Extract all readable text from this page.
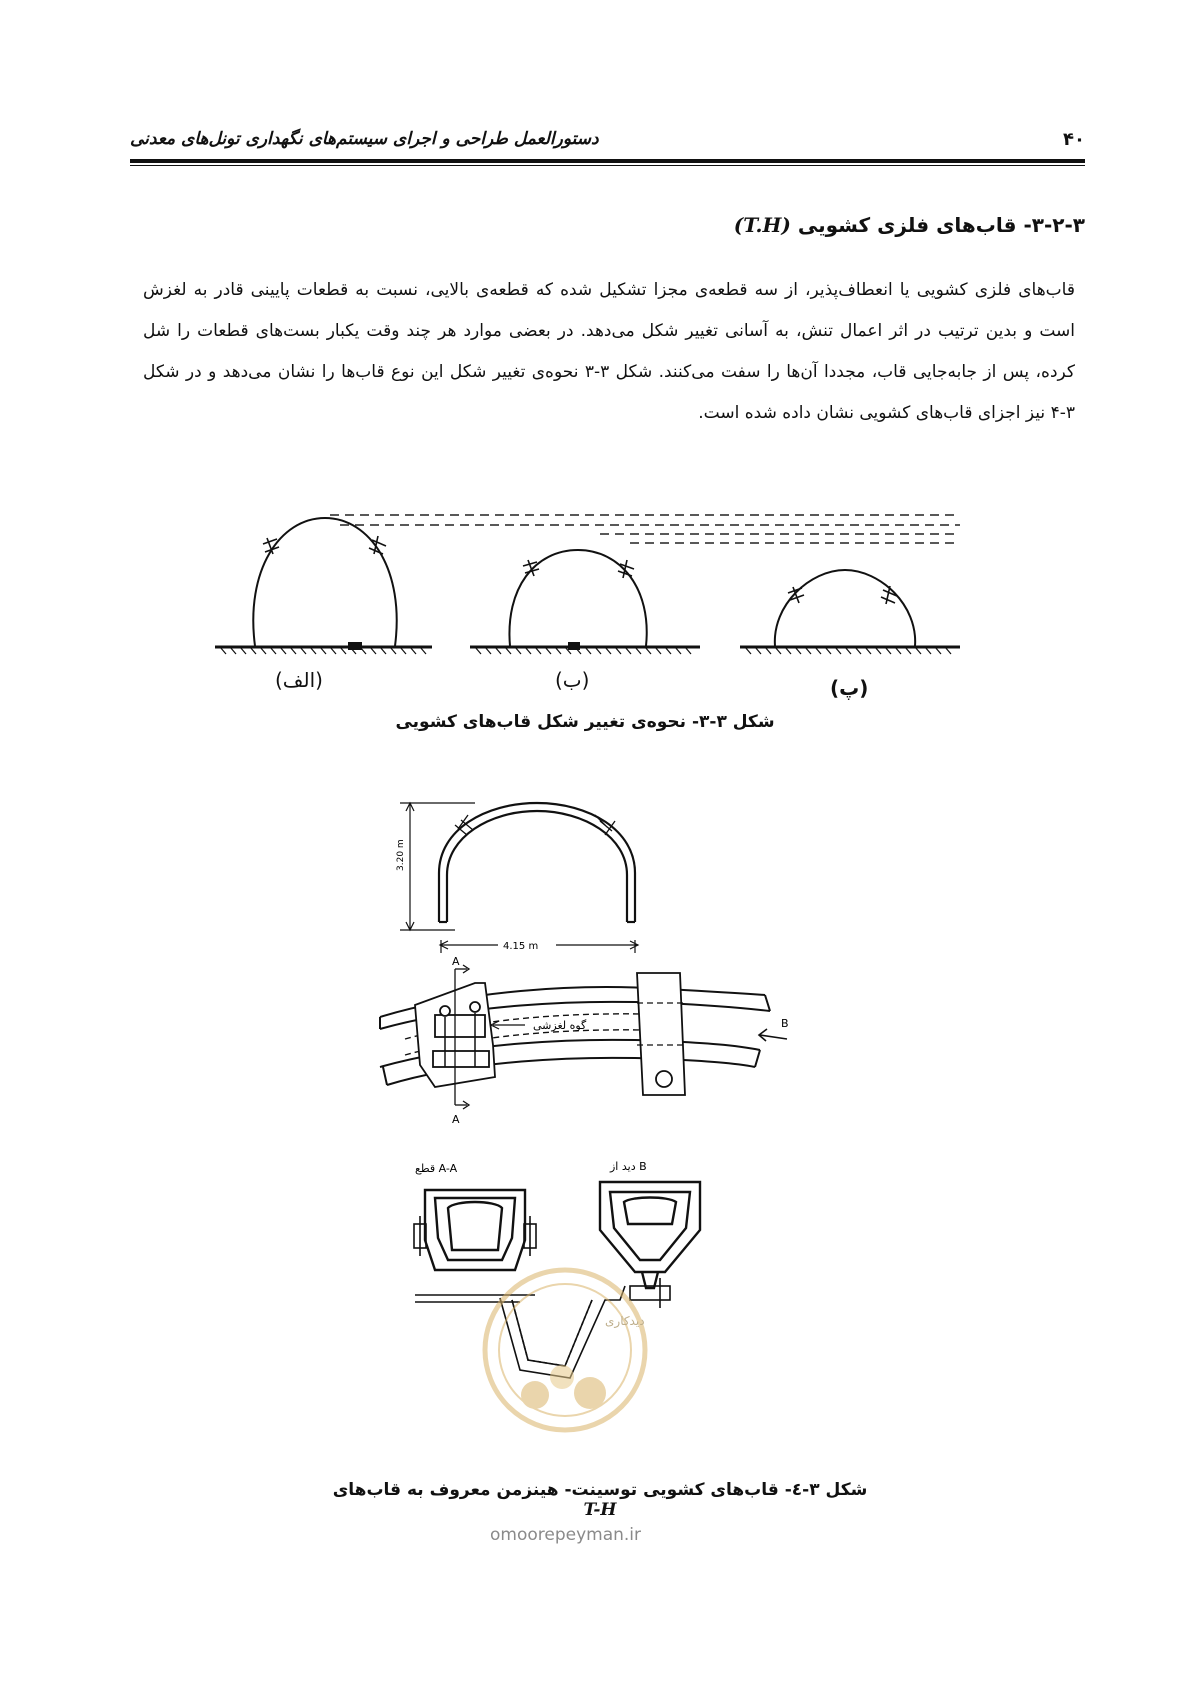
۴۰
دستورالعمل طراحی و اجرای سیستم‌های نگهداری تونل‌های معدنی
۳-۲-۳- قاب‌های فلزی کشویی (T.H)
قاب‌های فلزی کشویی یا انعطاف‌پذیر، از سه قطعه‌ی مجزا تشکیل شده که قطعه‌ی بالایی، نسبت به قطعات پایینی قادر به لغزش است و بدین ترتیب در اثر اعمال تنش، به آسانی تغییر شکل می‌دهد. در بعضی موارد هر چند وقت یکبار بست‌های قطعات را شل کرده، پس از جابه‌جایی قاب، مجددا آن‌ها را سفت می‌کنند. شکل ۳-۳ نحوه‌ی تغییر شکل این نوع قاب‌ها را نشان می‌دهد و در شکل ۳-۴ نیز اجزای قاب‌های کشویی نشان داده شده است.
(الف)	(ب)	(پ)
شکل ۳-۳- نحوه‌ی تغییر شکل قاب‌های کشویی
3.20 m
4.15 m
A
A
گوه لغزشی	B
قطع A-A	دید از B
دیدکاری
شکل ۳-٤- قاب‌های کشویی توسینت- هینزمن معروف به قاب‌های T-H
omoorepeyman.ir
